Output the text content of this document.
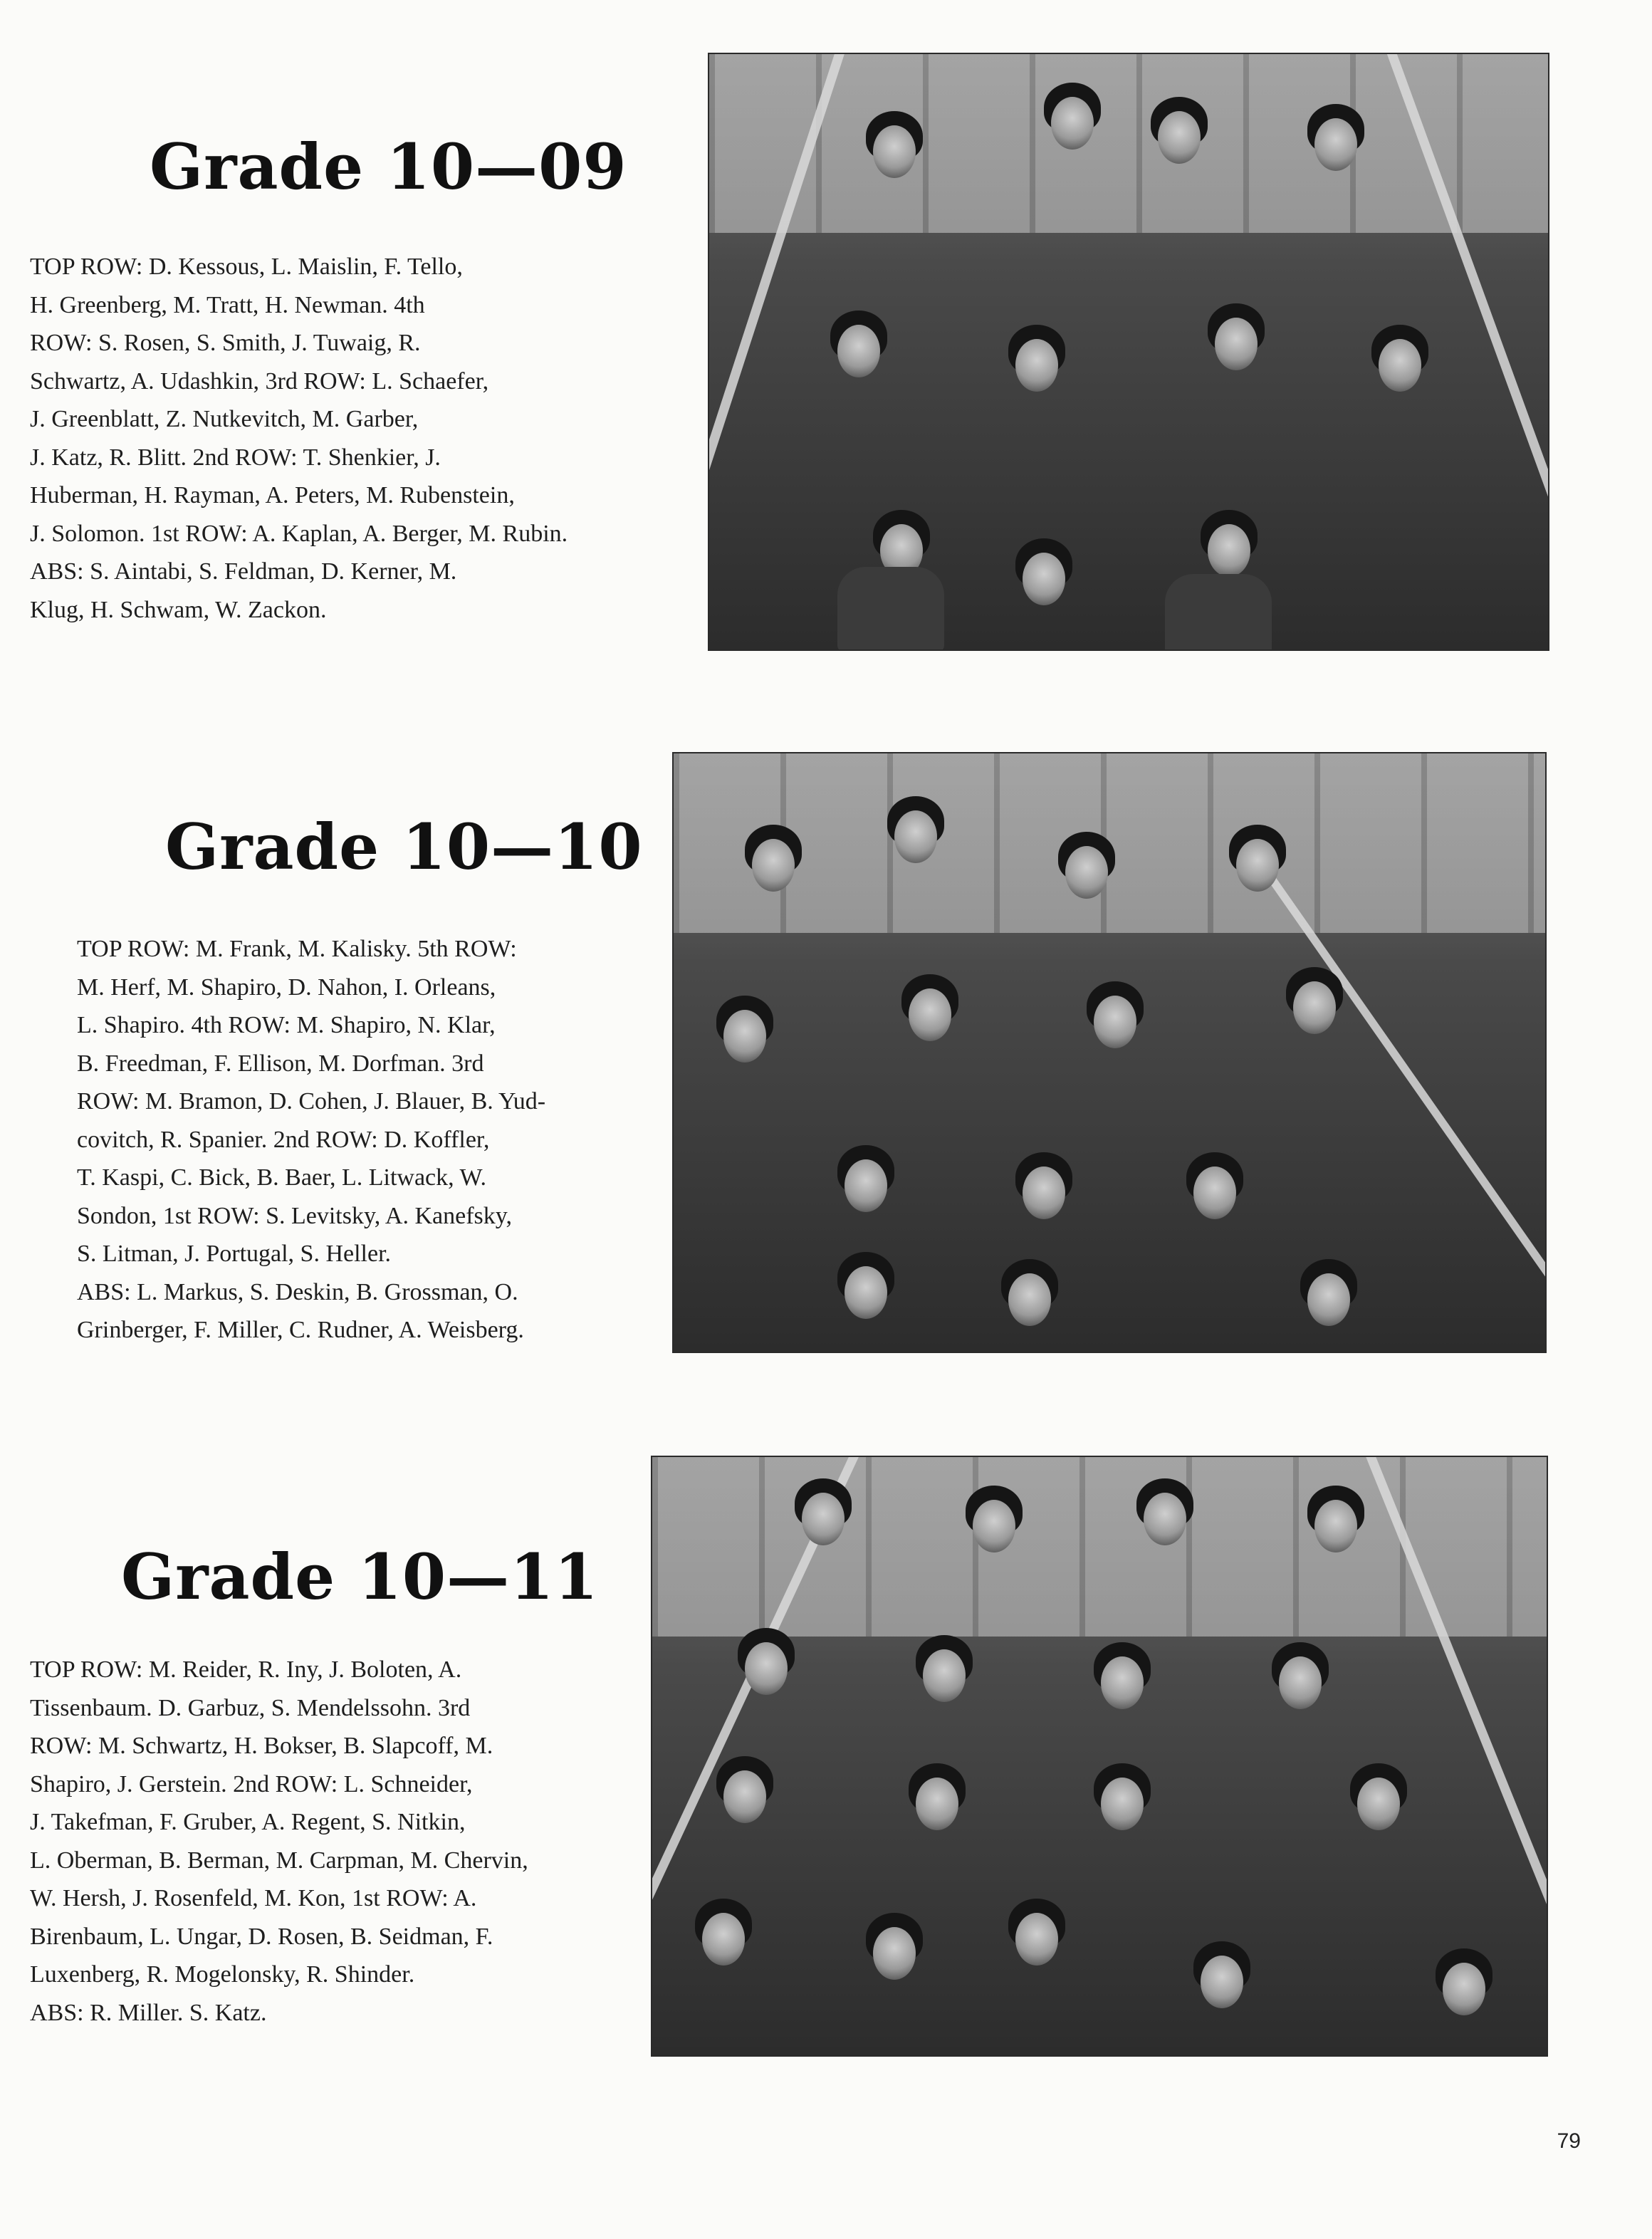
Grade 10—09
TOP ROW: D. Kessous, L. Maislin, F. Tello,
H. Greenberg, M. Tratt, H. Newman. 4th
ROW: S. Rosen, S. Smith, J. Tuwaig, R.
Schwartz, A. Udashkin, 3rd ROW: L. Schaefer,
J. Greenblatt, Z. Nutkevitch, M. Garber,
J. Katz, R. Blitt. 2nd ROW: T. Shenkier, J.
Huberman, H. Rayman, A. Peters, M. Rubenstein,
J. Solomon. 1st ROW: A. Kaplan, A. Berger, M. Rubin.
ABS: S. Aintabi, S. Feldman, D. Kerner, M.
Klug, H. Schwam, W. Zackon.
Grade 10—10
TOP ROW: M. Frank, M. Kalisky. 5th ROW:
M. Herf, M. Shapiro, D. Nahon, I. Orleans,
L. Shapiro. 4th ROW: M. Shapiro, N. Klar,
B. Freedman, F. Ellison, M. Dorfman. 3rd
ROW: M. Bramon, D. Cohen, J. Blauer, B. Yud-
covitch, R. Spanier. 2nd ROW: D. Koffler,
T. Kaspi, C. Bick, B. Baer, L. Litwack, W.
Sondon, 1st ROW: S. Levitsky, A. Kanefsky,
S. Litman, J. Portugal, S. Heller.
ABS: L. Markus, S. Deskin, B. Grossman, O.
Grinberger, F. Miller, C. Rudner, A. Weisberg.
Grade 10—11
TOP ROW: M. Reider, R. Iny, J. Boloten, A.
Tissenbaum. D. Garbuz, S. Mendelssohn. 3rd
ROW: M. Schwartz, H. Bokser, B. Slapcoff, M.
Shapiro, J. Gerstein. 2nd ROW: L. Schneider,
J. Takefman, F. Gruber, A. Regent, S. Nitkin,
L. Oberman, B. Berman, M. Carpman, M. Chervin,
W. Hersh, J. Rosenfeld, M. Kon, 1st ROW: A.
Birenbaum, L. Ungar, D. Rosen, B. Seidman, F.
Luxenberg, R. Mogelonsky, R. Shinder.
ABS: R. Miller. S. Katz.
79
